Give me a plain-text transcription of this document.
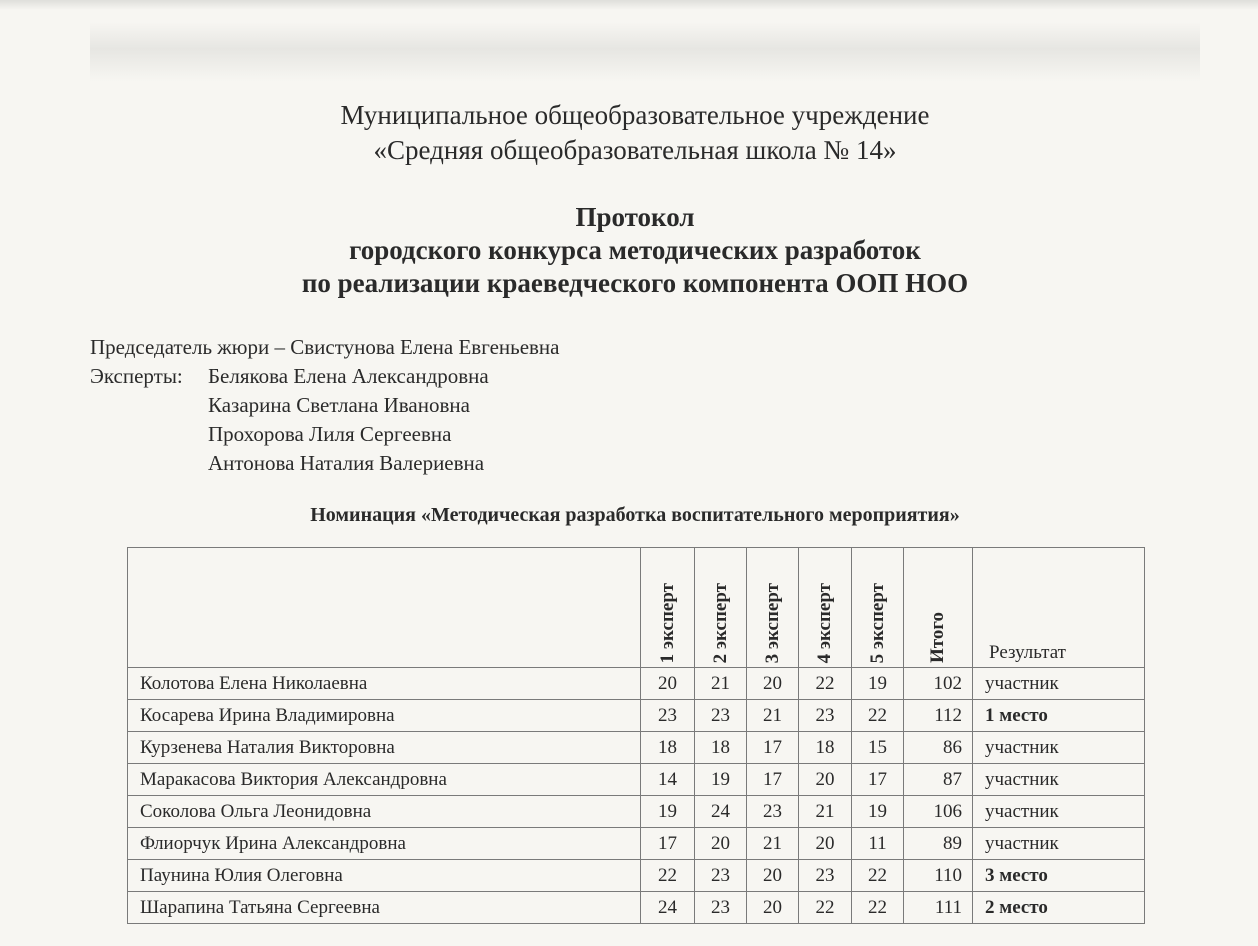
Муниципальное общеобразовательное учреждение
«Средняя общеобразовательная школа № 14»
Протокол
городского конкурса методических разработок
по реализации краеведческого компонента ООП НОО
Председатель жюри – Свистунова Елена Евгеньевна
Эксперты: Белякова Елена Александровна
Казарина Светлана Ивановна
Прохорова Лиля Сергеевна
Антонова Наталия Валериевна
Номинация «Методическая разработка воспитательного мероприятия»

	1 эксперт	2 эксперт	3 эксперт	4 эксперт	5 эксперт	Итого	Результат
Колотова Елена Николаевна	20	21	20	22	19	102	участник
Косарева Ирина Владимировна	23	23	21	23	22	112	1 место
Курзенева Наталия Викторовна	18	18	17	18	15	86	участник
Маракасова Виктория Александровна	14	19	17	20	17	87	участник
Соколова Ольга Леонидовна	19	24	23	21	19	106	участник
Флиорчук Ирина Александровна	17	20	21	20	11	89	участник
Паунина Юлия Олеговна	22	23	20	23	22	110	3 место
Шарапина Татьяна Сергеевна	24	23	20	22	22	111	2 место
